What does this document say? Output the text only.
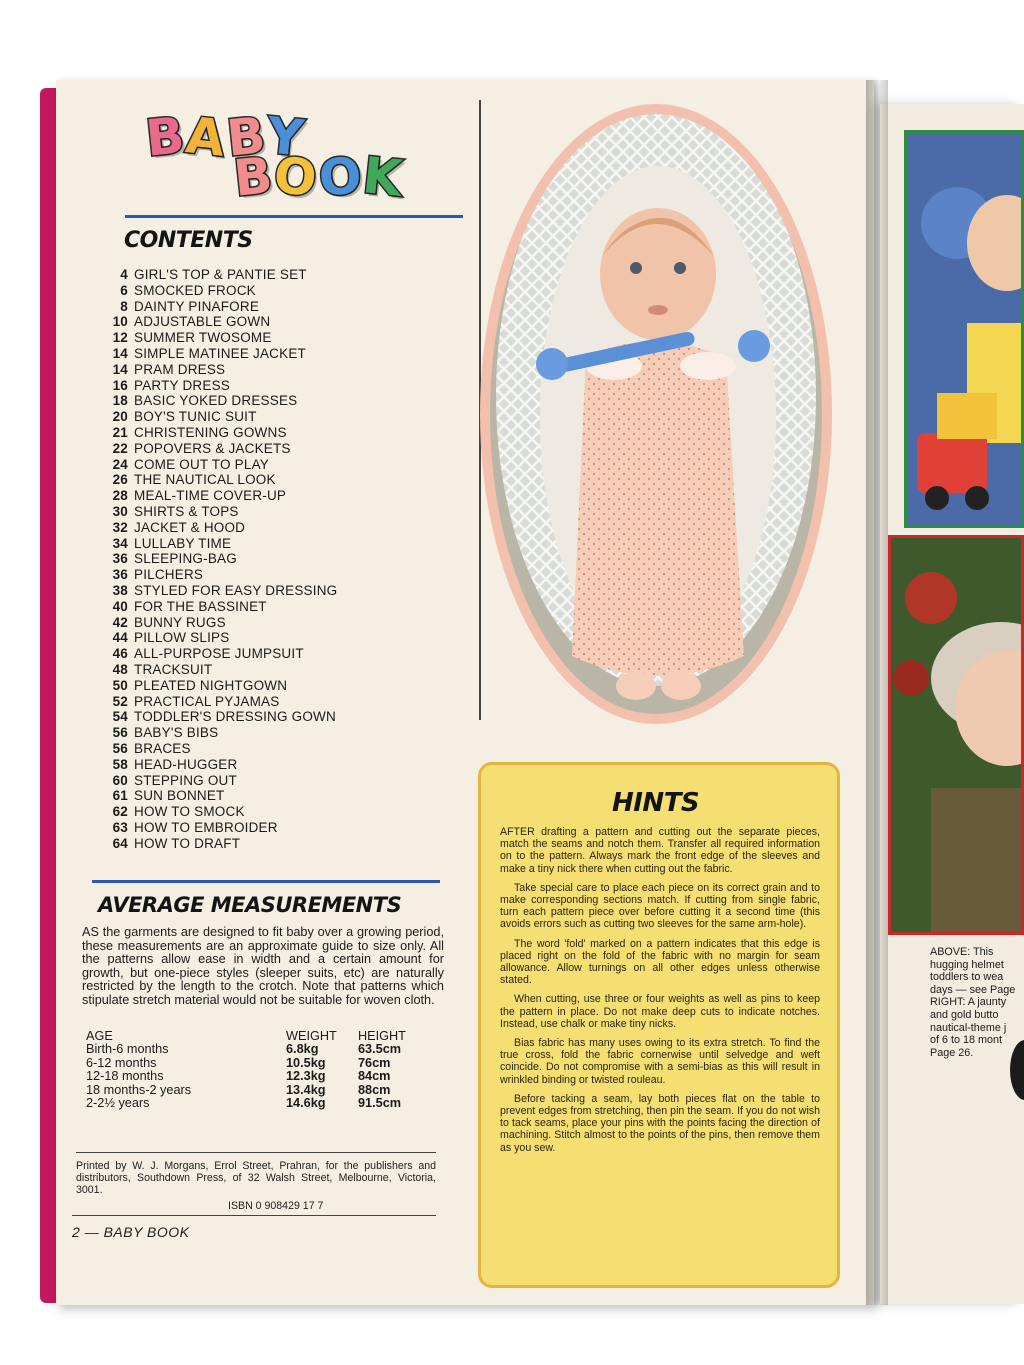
B
A
B
Y
B
O
O
K
CONTENTS
4 GIRL'S TOP & PANTIE SET
6 SMOCKED FROCK
8 DAINTY PINAFORE
10 ADJUSTABLE GOWN
12 SUMMER TWOSOME
14 SIMPLE MATINEE JACKET
14 PRAM DRESS
16 PARTY DRESS
18 BASIC YOKED DRESSES
20 BOY'S TUNIC SUIT
21 CHRISTENING GOWNS
22 POPOVERS & JACKETS
24 COME OUT TO PLAY
26 THE NAUTICAL LOOK
28 MEAL-TIME COVER-UP
30 SHIRTS & TOPS
32 JACKET & HOOD
34 LULLABY TIME
36 SLEEPING-BAG
36 PILCHERS
38 STYLED FOR EASY DRESSING
40 FOR THE BASSINET
42 BUNNY RUGS
44 PILLOW SLIPS
46 ALL-PURPOSE JUMPSUIT
48 TRACKSUIT
50 PLEATED NIGHTGOWN
52 PRACTICAL PYJAMAS
54 TODDLER'S DRESSING GOWN
56 BABY'S BIBS
56 BRACES
58 HEAD-HUGGER
60 STEPPING OUT
61 SUN BONNET
62 HOW TO SMOCK
63 HOW TO EMBROIDER
64 HOW TO DRAFT
AVERAGE MEASUREMENTS
AS the garments are designed to fit baby over a growing period, these measurements are an approximate guide to size only. All the patterns allow ease in width and a certain amount for growth, but one-piece styles (sleeper suits, etc) are naturally restricted by the length to the crotch. Note that patterns which stipulate stretch material would not be suitable for woven cloth.
AGE	WEIGHT	HEIGHT
Birth-6 months	6.8kg	63.5cm
6-12 months	10.5kg	76cm
12-18 months	12.3kg	84cm
18 months-2 years	13.4kg	88cm
2-2½ years	14.6kg	91.5cm
Printed by W. J. Morgans, Errol Street, Prahran, for the publishers and distributors, Southdown Press, of 32 Walsh Street, Melbourne, Victoria, 3001.
ISBN 0 908429 17 7
2 — BABY BOOK
HINTS

AFTER drafting a pattern and cutting out the separate pieces, match the seams and notch them. Transfer all required information on to the pattern. Always mark the front edge of the sleeves and make a tiny nick there when cutting out the fabric.

Take special care to place each piece on its correct grain and to make corresponding sections match. If cutting from single fabric, turn each pattern piece over before cutting it a second time (this avoids errors such as cutting two sleeves for the same arm-hole).

The word 'fold' marked on a pattern indicates that this edge is placed right on the fold of the fabric with no margin for seam allowance. Allow turnings on all other edges unless otherwise stated.

When cutting, use three or four weights as well as pins to keep the pattern in place. Do not make deep cuts to indicate notches. Instead, use chalk or make tiny nicks.

Bias fabric has many uses owing to its extra stretch. To find the true cross, fold the fabric cornerwise until selvedge and weft coincide. Do not compromise with a semi-bias as this will result in wrinkled binding or twisted rouleau.

Before tacking a seam, lay both pieces flat on the table to prevent edges from stretching, then pin the seam. If you do not wish to tack seams, place your pins with the points facing the direction of machining. Stitch almost to the points of the pins, then remove them as you sew.

ABOVE: This
hugging helmet
toddlers to wea
days — see Page
RIGHT: A jaunty
and gold butto
nautical-theme j
of 6 to 18 mont
Page 26.
